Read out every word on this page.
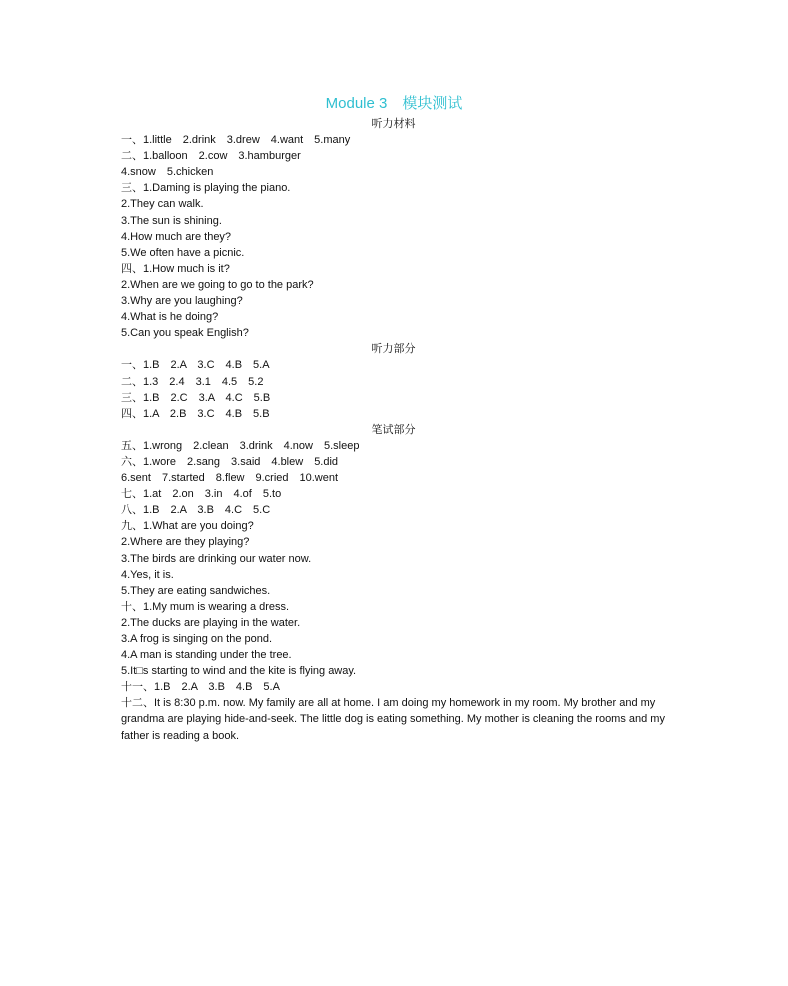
Module 3　模块测试
听力材料
一、1.little　2.drink　3.drew　4.want　5.many
二、1.balloon　2.cow　3.hamburger
4.snow　5.chicken
三、1.Daming is playing the piano.
2.They can walk.
3.The sun is shining.
4.How much are they?
5.We often have a picnic.
四、1.How much is it?
2.When are we going to go to the park?
3.Why are you laughing?
4.What is he doing?
5.Can you speak English?
听力部分
一、1.B　2.A　3.C　4.B　5.A
二、1.3　2.4　3.1　4.5　5.2
三、1.B　2.C　3.A　4.C　5.B
四、1.A　2.B　3.C　4.B　5.B
笔试部分
五、1.wrong　2.clean　3.drink　4.now　5.sleep
六、1.wore　2.sang　3.said　4.blew　5.did
6.sent　7.started　8.flew　9.cried　10.went
七、1.at　2.on　3.in　4.of　5.to
八、1.B　2.A　3.B　4.C　5.C
九、1.What are you doing?
2.Where are they playing?
3.The birds are drinking our water now.
4.Yes, it is.
5.They are eating sandwiches.
十、1.My mum is wearing a dress.
2.The ducks are playing in the water.
3.A frog is singing on the pond.
4.A man is standing under the tree.
5.It□s starting to wind and the kite is flying away.
十一、1.B　2.A　3.B　4.B　5.A
十二、It is 8:30 p.m. now. My family are all at home. I am doing my homework in my room. My brother and my grandma are playing hide-and-seek. The little dog is eating something. My mother is cleaning the rooms and my father is reading a book.
